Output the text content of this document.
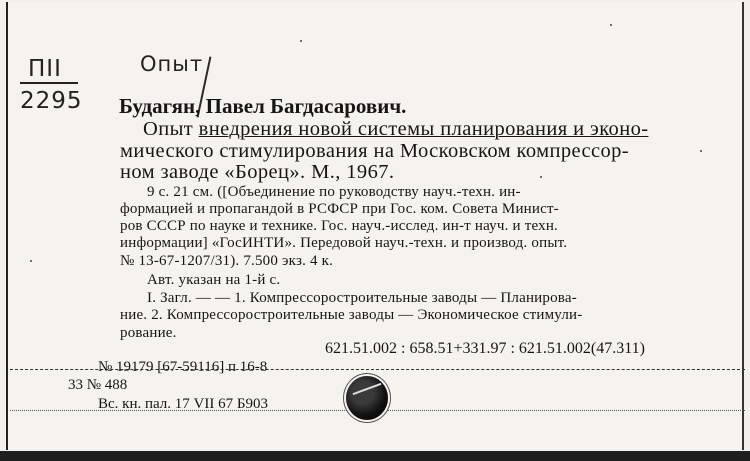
ПII
2295
Опыт
Будагян, Павел Багдасарович.
Опыт внедрения новой системы планирования и эконо-
мического стимулирования на Московском компрессор-
ном заводе «Борец». М., 1967.
9 с. 21 см. ([Объединение по руководству науч.-техн. ин-
формацией и пропагандой в РСФСР при Гос. ком. Совета Минист-
ров СССР по науке и технике. Гос. науч.-исслед. ин-т науч. и техн.
информации] «ГосИНТИ». Передовой науч.-техн. и производ. опыт.
№ 13-67-1207/31). 7.500 экз. 4 к.
Авт. указан на 1-й с.
I. Загл. — — 1. Компрессоростроительные заводы — Планирова-
ние. 2. Компрессоростроительные заводы — Экономическое стимули-
рование.
621.51.002 : 658.51+331.97 : 621.51.002(47.311)
№ 19179 [67-59116] п 16-8
33 № 488
Вс. кн. пал. 17 VII 67 Б903
